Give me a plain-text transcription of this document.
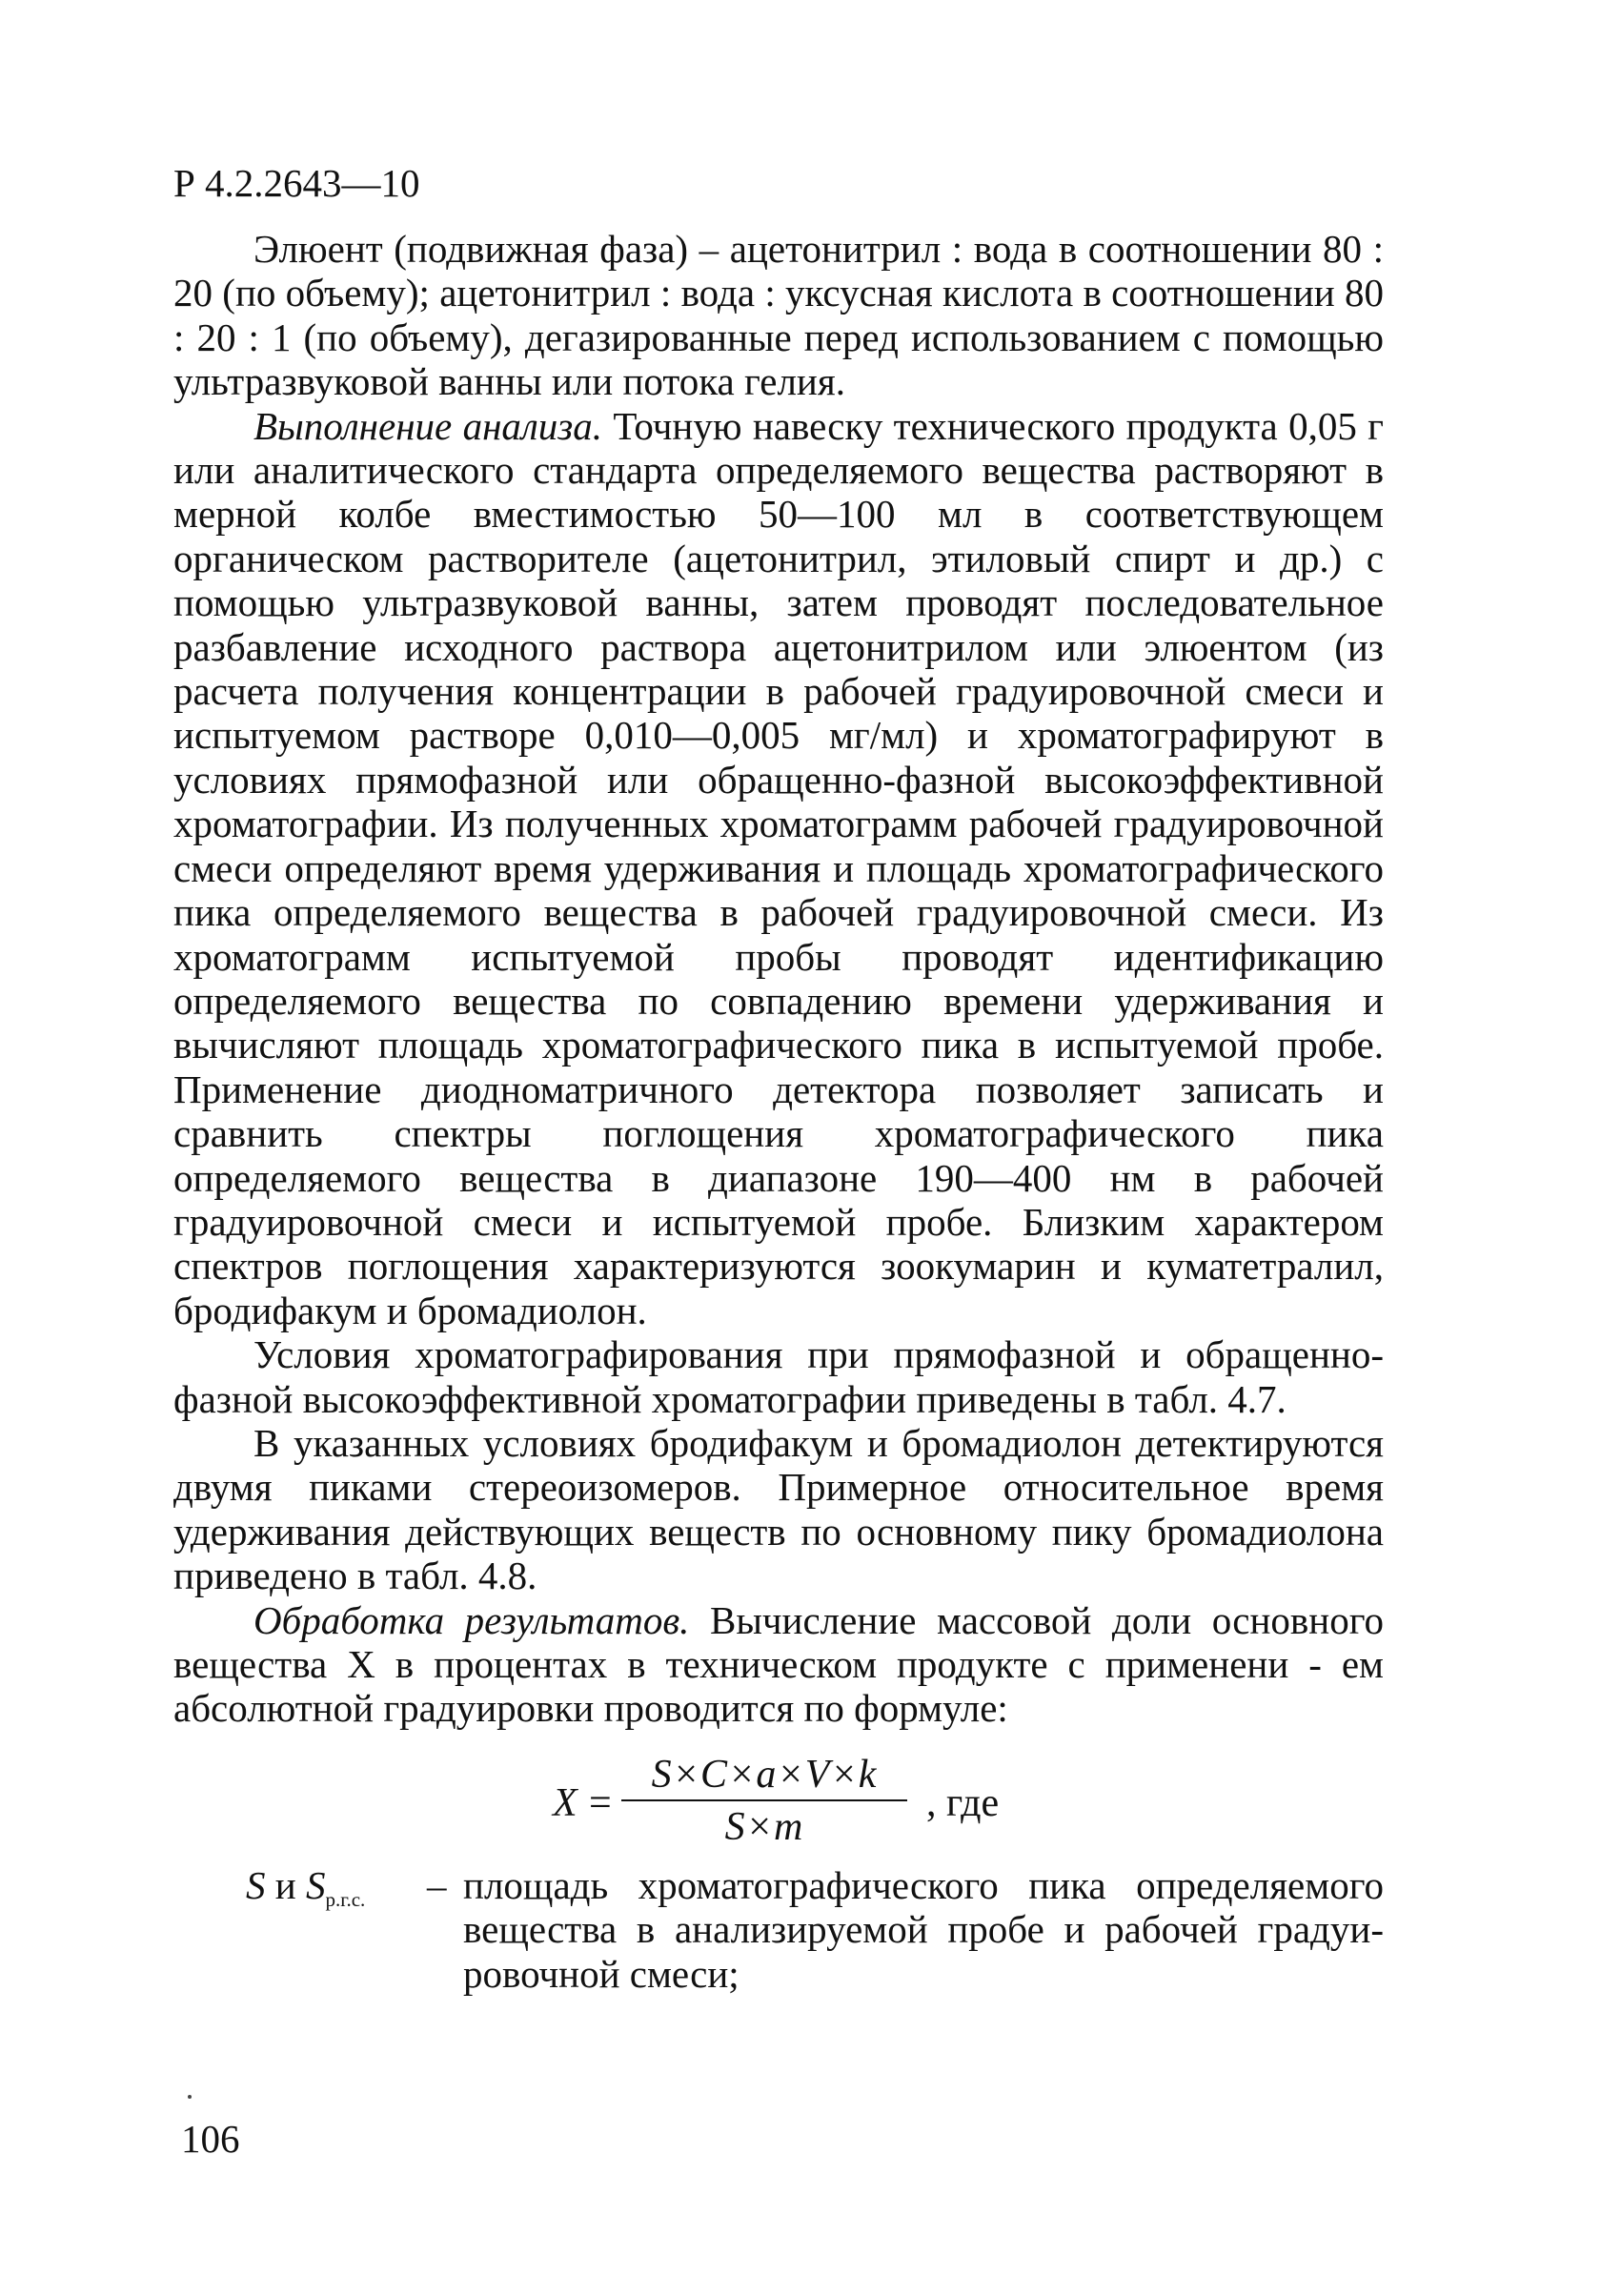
Р 4.2.2643—10

Элюент (подвижная фаза) – ацетонитрил : вода в соотношении 80 : 20 (по объему); ацетонитрил : вода : уксусная кислота в соотношении 80 : 20 : 1 (по объему), дегазированные перед использованием с помощью ультразвуковой ванны или потока гелия.

Выполнение анализа. Точную навеску технического продукта 0,05 г или аналитического стандарта определяемого вещества растворяют в мерной колбе вместимостью 50—100 мл в соответствующем органическом растворителе (ацетонитрил, этиловый спирт и др.) с помощью ультразвуковой ванны, затем проводят последовательное разбавление исходного раствора ацетонитрилом или элюентом (из расчета получения концентрации в рабочей градуировочной смеси и испытуемом растворе 0,010—0,005 мг/мл) и хроматографируют в условиях прямофазной или обращенно-фазной высокоэффективной хроматографии. Из полученных хроматограмм рабочей градуировочной смеси определяют время удерживания и площадь хроматографического пика определяемого вещества в рабочей градуировочной смеси. Из хроматограмм испытуемой пробы проводят идентификацию определяемого вещества по совпадению времени удерживания и вычисляют площадь хроматографического пика в испытуемой пробе. Применение диодноматричного детектора позволяет записать и сравнить спектры поглощения хроматографического пика определяемого вещества в диапазоне 190—400 нм в рабочей градуировочной смеси и испытуемой пробе. Близким характером спектров поглощения характеризуются зоокумарин и куматетралил, бродифакум и бромадиолон.

Условия хроматографирования при прямофазной и обращенно-фазной высокоэффективной хроматографии приведены в табл. 4.7.

В указанных условиях бродифакум и бромадиолон детектируются двумя пиками стереоизомеров. Примерное относительное время удерживания действующих веществ по основному пику бромадиолона приведено в табл. 4.8.

Обработка результатов. Вычисление массовой доли основного вещества X в процентах в техническом продукте с применени - ем абсолютной градуировки проводится по формуле:

X =
S×C×a×V×k
S×m
, где
S и $S_{р.г.с.}$ – площадь хроматографического пика определяемого вещества в анализируемой пробе и рабочей градуировочной смеси;

106
